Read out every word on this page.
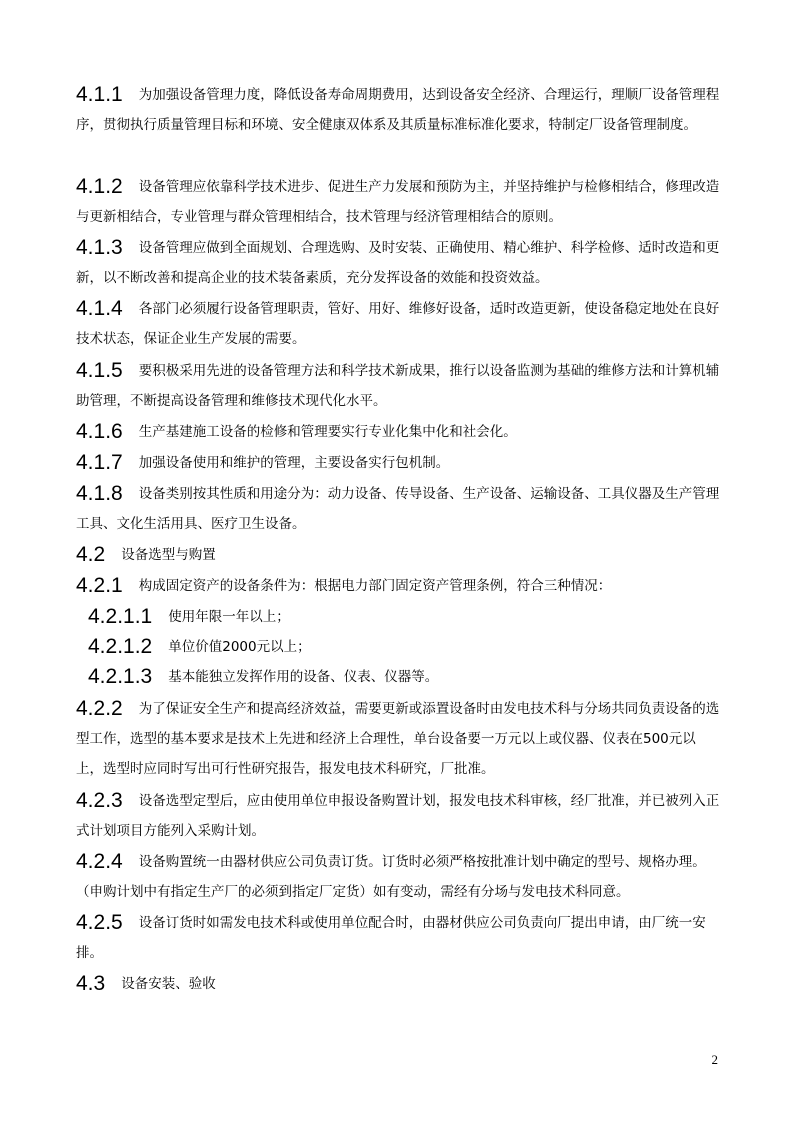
4.1.1 为加强设备管理力度，降低设备寿命周期费用，达到设备安全经济、合理运行，理顺厂设备管理程序，贯彻执行质量管理目标和环境、安全健康双体系及其质量标准标准化要求，特制定厂设备管理制度。
4.1.2 设备管理应依靠科学技术进步、促进生产力发展和预防为主，并坚持维护与检修相结合，修理改造与更新相结合，专业管理与群众管理相结合，技术管理与经济管理相结合的原则。
4.1.3 设备管理应做到全面规划、合理选购、及时安装、正确使用、精心维护、科学检修、适时改造和更新，以不断改善和提高企业的技术装备素质，充分发挥设备的效能和投资效益。
4.1.4 各部门必须履行设备管理职责，管好、用好、维修好设备，适时改造更新，使设备稳定地处在良好技术状态，保证企业生产发展的需要。
4.1.5 要积极采用先进的设备管理方法和科学技术新成果，推行以设备监测为基础的维修方法和计算机辅助管理，不断提高设备管理和维修技术现代化水平。
4.1.6 生产基建施工设备的检修和管理要实行专业化集中化和社会化。
4.1.7 加强设备使用和维护的管理，主要设备实行包机制。
4.1.8 设备类别按其性质和用途分为：动力设备、传导设备、生产设备、运输设备、工具仪器及生产管理工具、文化生活用具、医疗卫生设备。
4.2 设备选型与购置
4.2.1 构成固定资产的设备条件为：根据电力部门固定资产管理条例，符合三种情况：
4.2.1.1 使用年限一年以上；
4.2.1.2 单位价值2000元以上；
4.2.1.3 基本能独立发挥作用的设备、仪表、仪器等。
4.2.2 为了保证安全生产和提高经济效益，需要更新或添置设备时由发电技术科与分场共同负责设备的选型工作，选型的基本要求是技术上先进和经济上合理性，单台设备要一万元以上或仪器、仪表在500元以上，选型时应同时写出可行性研究报告，报发电技术科研究，厂批准。
4.2.3 设备选型定型后，应由使用单位申报设备购置计划，报发电技术科审核，经厂批准，并已被列入正式计划项目方能列入采购计划。
4.2.4 设备购置统一由器材供应公司负责订货。订货时必须严格按批准计划中确定的型号、规格办理。（申购计划中有指定生产厂的必须到指定厂定货）如有变动，需经有分场与发电技术科同意。
4.2.5 设备订货时如需发电技术科或使用单位配合时，由器材供应公司负责向厂提出申请，由厂统一安排。
4.3 设备安装、验收
2
